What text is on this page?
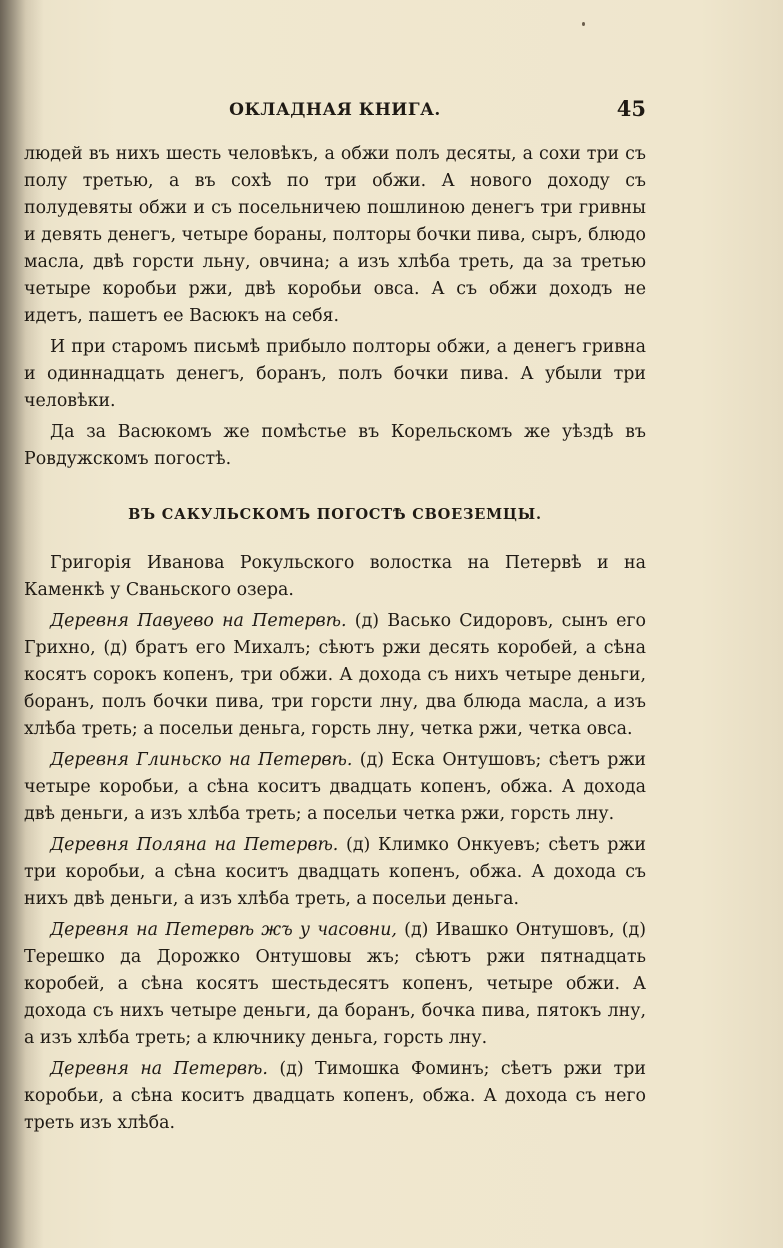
ОКЛАДНАЯ КНИГА.	45

людей въ нихъ шесть человѣкъ, а обжи полъ десяты, а сохи три съ полу третью, а въ сохѣ по три обжи. А нового доходу съ полудевяты обжи и съ посельничею пошлиною денегъ три гривны и девять денегъ, четыре бораны, полторы бочки пива, сыръ, блюдо масла, двѣ горсти льну, овчина; а изъ хлѣба треть, да за третью четыре коробьи ржи, двѣ коробьи овса. А съ обжи доходъ не идетъ, пашетъ ее Васюкъ на себя.

И при старомъ письмѣ прибыло полторы обжи, а денегъ гривна и одиннадцать денегъ, боранъ, полъ бочки пива. А убыли три человѣки.

Да за Васюкомъ же помѣстье въ Корельскомъ же уѣздѣ въ Ровдужскомъ погостѣ.

ВЪ САКУЛЬСКОМЪ ПОГОСТѢ СВОЕЗЕМЦЫ.

Григорія Иванова Рокульского волостка на Петервѣ и на Каменкѣ у Сваньского озера.

Деревня Павуево на Петервѣ. (д) Васько Сидоровъ, сынъ его Грихно, (д) братъ его Михалъ; сѣютъ ржи десять коробей, а сѣна косятъ сорокъ копенъ, три обжи. А дохода съ нихъ четыре деньги, боранъ, полъ бочки пива, три горсти лну, два блюда масла, а изъ хлѣба треть; а посельи деньга, горсть лну, четка ржи, четка овса.

Деревня Глиньско на Петервѣ. (д) Еска Онтушовъ; сѣетъ ржи четыре коробьи, а сѣна коситъ двадцать копенъ, обжа. А дохода двѣ деньги, а изъ хлѣба треть; а посельи четка ржи, горсть лну.

Деревня Поляна на Петервѣ. (д) Климко Онкуевъ; сѣетъ ржи три коробьи, а сѣна коситъ двадцать копенъ, обжа. А дохода съ нихъ двѣ деньги, а изъ хлѣба треть, а посельи деньга.

Деревня на Петервѣ жъ у часовни, (д) Ивашко Онтушовъ, (д) Терешко да Дорожко Онтушовы жъ; сѣютъ ржи пятнадцать коробей, а сѣна косятъ шестьдесятъ копенъ, четыре обжи. А дохода съ нихъ четыре деньги, да боранъ, бочка пива, пятокъ лну, а изъ хлѣба треть; а ключнику деньга, горсть лну.

Деревня на Петервѣ. (д) Тимошка Фоминъ; сѣетъ ржи три коробьи, а сѣна коситъ двадцать копенъ, обжа. А дохода съ него треть изъ хлѣба.
